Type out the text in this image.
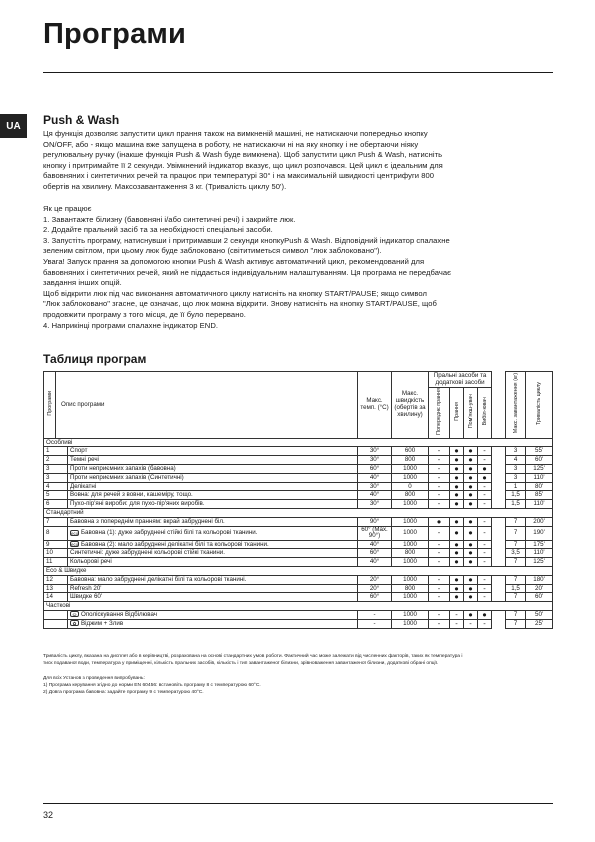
Програми
UA	Push & Wash
Ця функція дозволяє запустити цикл прання також на вимкненій машині, не натискаючи попередньо кнопку
ON/OFF, або - якщо машина вже запущена в роботу, не натискаючи ні на яку кнопку і не обертаючи ніяку
регулювальну ручку (інакше функція Push & Wash буде вимкнена). Щоб запустити цикл Push & Wash, натисніть
кнопку і притримайте її 2 секунди. Увімкнений індикатор вказує, що цикл розпочався. Цей цикл є ідеальним для
бавовняних і синтетичних речей та працює при температурі 30° і на максимальній швидкості центрифуги 800
обертів на хвилину. Максозавантаження 3 кг. (Тривалість циклу 50').
Як це працює
1. Завантажте білизну (бавовняні і/або синтетичні речі) і закрийте люк.
2. Додайте пральний засіб та за необхідності спеціальні засоби.
3. Запустіть програму, натиснувши і притримавши 2 секунди кнопкуPush & Wash. Відповідний індикатор спалахне
зеленим світлом, при цьому люк буде заблоковано (світитиметься символ "люк заблоковано").
Увага! Запуск прання за допомогою кнопки Push & Wash активує автоматичний цикл, рекомендований для
бавовняних і синтетичних речей, який не піддається індивідуальним налаштуванням. Ця програма не передбачає
завдання інших опцій.
Щоб відкрити люк під час виконання автоматичного циклу натисніть на кнопку START/PAUSE; якщо символ
"Люк заблоковано" згасне, це означає, що люк можна відкрити. Знову натисніть на кнопку START/PAUSE, щоб
продовжити програму з того місця, де її було перервано.
4. Наприкінці програми спалахне індикатор END.
Таблиця програм
Програми	Опис програми		Макс. темп. (°C)	Макс. швидкість (обертів за хвилину)	Пральні засоби та додаткові засоби					Макс. завантаження (кг)	Тривалість циклу
					Попереднє прання	Прання	Пом'якш-увач	Вибіл-ювач			
Особливі											
1		Спорт	30°	600	-	●	●	-		3	55'
2		Темні речі	30°	800	-	●	●	-		4	60'
3		Проти неприємних запахів (бавовна)	60°	1000	-	●	●	●		3	125'
3		Проти неприємних запахів (Синтетичні)	40°	1000	-	●	●	●		3	110'
4		Делікатні	30°	0	-	●	●	-		1	80'
5		Вовна: для речей з вовни, кашеміру, тощо.	40°	800	-	●	●	-		1,5	85'
6		Пухо-пір'яні вироби: для пухо-пір'яних виробів.	30°	1000	-	●	●	-		1,5	110'
Стандартний											
7		Бавовна з попереднім пранням: вкрай забруднені біл.	90°	1000	●	●	●	-		7	200'
8		eco Бавовна (1): дуже забруднені стійкі білі та кольорові тканини.	60° (Max. 90°)	1000	-	●	●	-		7	190'
9		eco Бавовна (2): мало забруднені делікатні білі та кольорові тканини.	40°	1000	-	●	●	-		7	175'
10		Синтетичні: дуже забруднені кольорові стійкі тканини.	60°	800	-	●	●	-		3,5	110'
11		Кольорові речі	40°	1000	-	●	●	-		7	125'
Eco & Швидке											
12		Бавовна: мало забруднені делікатні білі та кольорові тканині.	20°	1000	-	●	●	-		7	180'
13		Refresh 20'	20°	800	-	●	●	-		1,5	20'
14		Швидке 60'	60°	1000	-	●	●	-		7	60'
Часткові											
		⛀ Ополіскування Відбілювач	-	1000	-	-	●	●		7	50'
		✿ Віджим + Злив	-	1000	-	-	-	-		7	25'
Тривалість циклу, вказана на дисплеї або в керівництві, розрахована на основі стандартних умов роботи. Фактичний час може залежати від численних факторів, таких як температура і
тиск подаваної води, температура у приміщенні, кількість пральних засобів, кількість і тип завантаженої білизни, зрівноваження завантаженої білизни, додаткові обрані опції.
Для всіх Установ з проведення випробувань:
1) Програма керування згідно до норми EN 60456: встановіть програму 8 с температурою 60°C.
2) Довга програма бавовна: задайте програму 9 с температурою 40°C.
32
